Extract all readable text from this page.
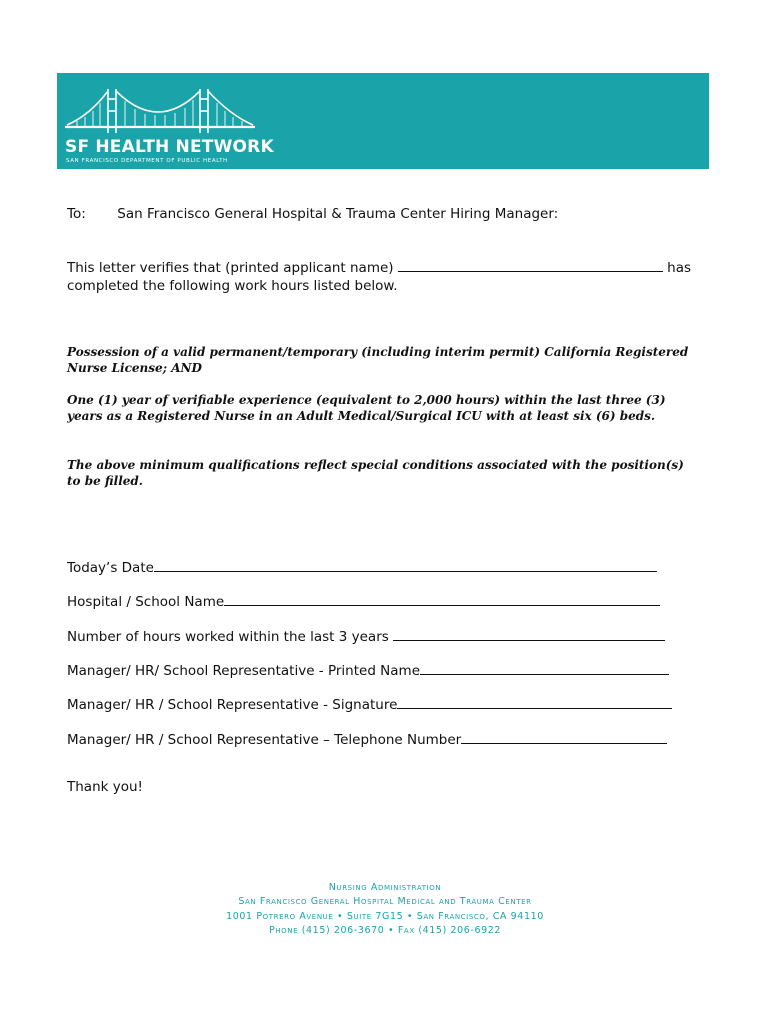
SF HEALTH NETWORK
SAN FRANCISCO DEPARTMENT OF PUBLIC HEALTH
To: San Francisco General Hospital & Trauma Center Hiring Manager:
This letter verifies that (printed applicant name)	has
completed the following work hours listed below.
Possession of a valid permanent/temporary (including interim permit) California Registered Nurse License; AND
One (1) year of verifiable experience (equivalent to 2,000 hours) within the last three (3) years as a Registered Nurse in an Adult Medical/Surgical ICU with at least six (6) beds.
The above minimum qualifications reflect special conditions associated with the position(s) to be filled.
Today’s Date
Hospital / School Name
Number of hours worked within the last 3 years
Manager/ HR/ School Representative - Printed Name
Manager/ HR / School Representative - Signature
Manager/ HR / School Representative – Telephone Number
Thank you!
Nursing Administration
San Francisco General Hospital Medical and Trauma Center
1001 Potrero Avenue • Suite 7G15 • San Francisco, CA 94110
Phone (415) 206-3670 • Fax (415) 206-6922
